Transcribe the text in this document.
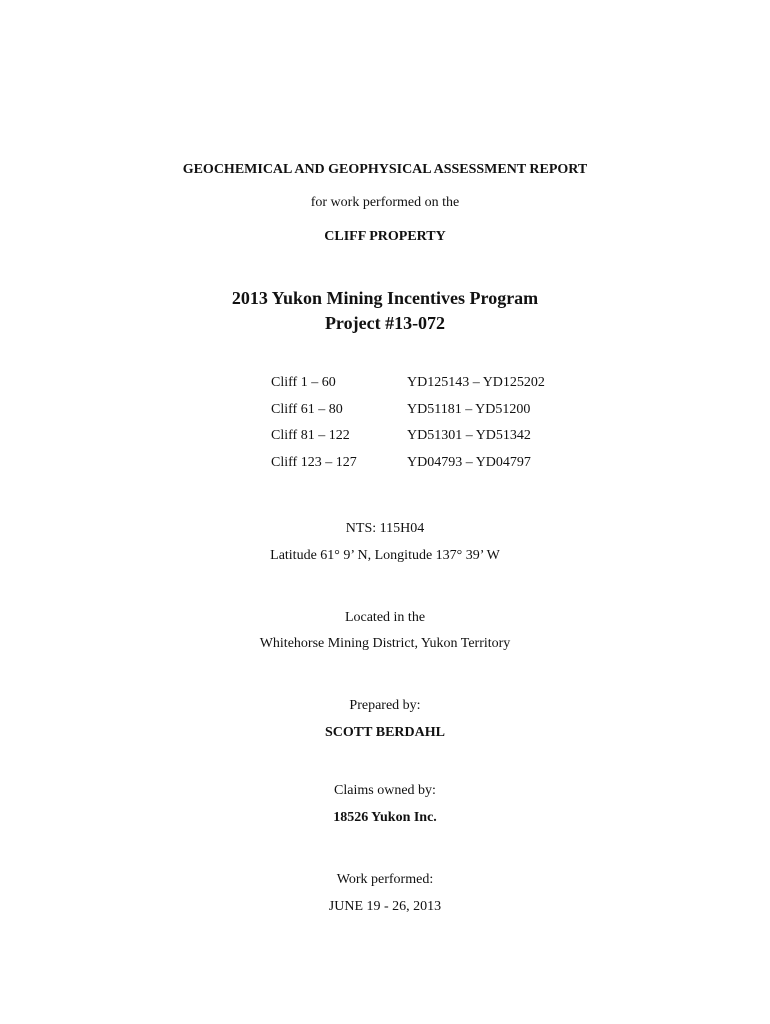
GEOCHEMICAL AND GEOPHYSICAL ASSESSMENT REPORT
for work performed on the
CLIFF PROPERTY
2013 Yukon Mining Incentives Program
Project #13-072
Cliff 1 – 60	YD125143 – YD125202
Cliff 61 – 80	YD51181 – YD51200
Cliff 81 – 122	YD51301 – YD51342
Cliff 123 – 127	YD04793 – YD04797
NTS: 115H04
Latitude 61° 9’ N, Longitude 137° 39’ W
Located in the
Whitehorse Mining District, Yukon Territory
Prepared by:
SCOTT BERDAHL
Claims owned by:
18526 Yukon Inc.
Work performed:
JUNE 19 - 26, 2013
